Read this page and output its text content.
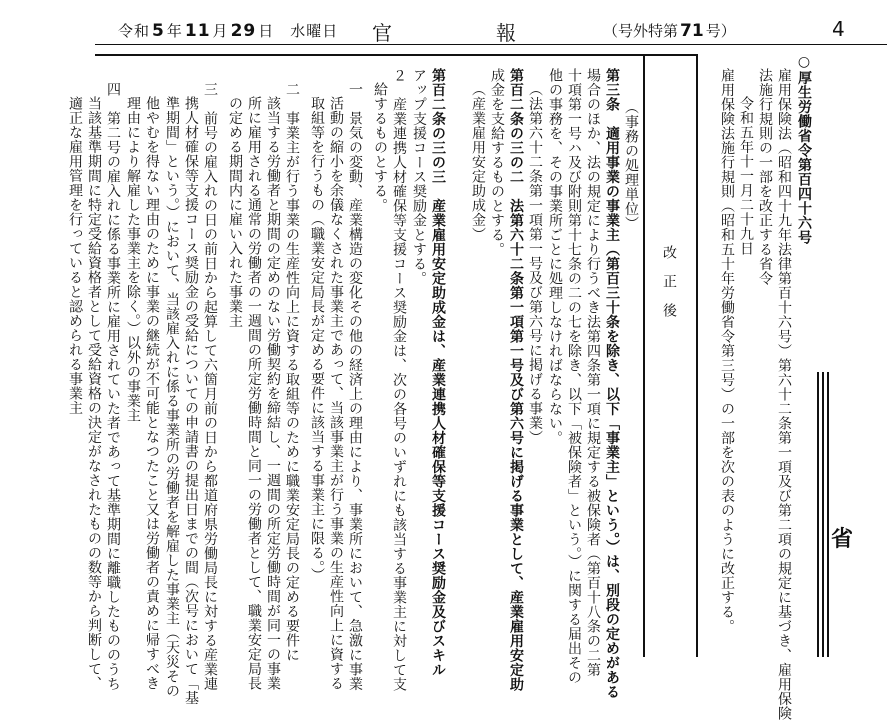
令和 5 年 11 月 29 日　水曜日 官　報	（号外特第 71 号）	4
○厚生労働省令第百四十六号
雇用保険法（昭和四十九年法律第百十六号）第六十二条第一項及び第二項の規定に基づき、雇用保険
法施行規則の一部を改正する省令
令和五年十一月二十九日
雇用保険法施行規則（昭和五十年労働省令第三号）の一部を次の表のように改正する。	省
改　正　後
（事務の処理単位）
第三条　適用事業の事業主（第百三十条を除き、以下「事業主」という。）は、別段の定めがある
場合のほか、法の規定により行うべき法第四条第一項に規定する被保険者（第百十八条の二第
十項第一号ハ及び附則第十七条の二の七を除き、以下「被保険者」という。）に関する届出その
他の事務を、その事業所ごとに処理しなければならない。
（法第六十二条第一項第一号及び第六号に掲げる事業）
第百二条の三の二　法第六十二条第一項第一号及び第六号に掲げる事業として、産業雇用安定助
成金を支給するものとする。
（産業雇用安定助成金）
第百二条の三の三　産業雇用安定助成金は、産業連携人材確保等支援コース奨励金及びスキル
アップ支援コース奨励金とする。
２　産業連携人材確保等支援コース奨励金は、次の各号のいずれにも該当する事業主に対して支
給するものとする。
一　景気の変動、産業構造の変化その他の経済上の理由により、事業所において、急激に事業
活動の縮小を余儀なくされた事業主であって、当該事業主が行う事業の生産性向上に資する
取組等を行うもの（職業安定局長が定める要件に該当する事業主に限る。）
二　事業主が行う事業の生産性向上に資する取組等のために職業安定局長の定める要件に
該当する労働者と期間の定めのない労働契約を締結し、一週間の所定労働時間が同一の事業
所に雇用される通常の労働者の一週間の所定労働時間と同一の労働者として、職業安定局長
の定める期間内に雇い入れた事業主
三　前号の雇入れの日の前日から起算して六箇月前の日から都道府県労働局長に対する産業連
携人材確保等支援コース奨励金の受給についての申請書の提出日までの間（次号において「基
準期間」という。）において、当該雇入れに係る事業所の労働者を解雇した事業主（天災その
他やむを得ない理由のために事業の継続が不可能となつたこと又は労働者の責めに帰すべき
理由により解雇した事業主を除く。）以外の事業主
四　第二号の雇入れに係る事業所に雇用されていた者であって基準期間に離職したもののうち
当該基準期間に特定受給資格者として受給資格の決定がなされたものの数等から判断して、
適正な雇用管理を行っていると認められる事業主
